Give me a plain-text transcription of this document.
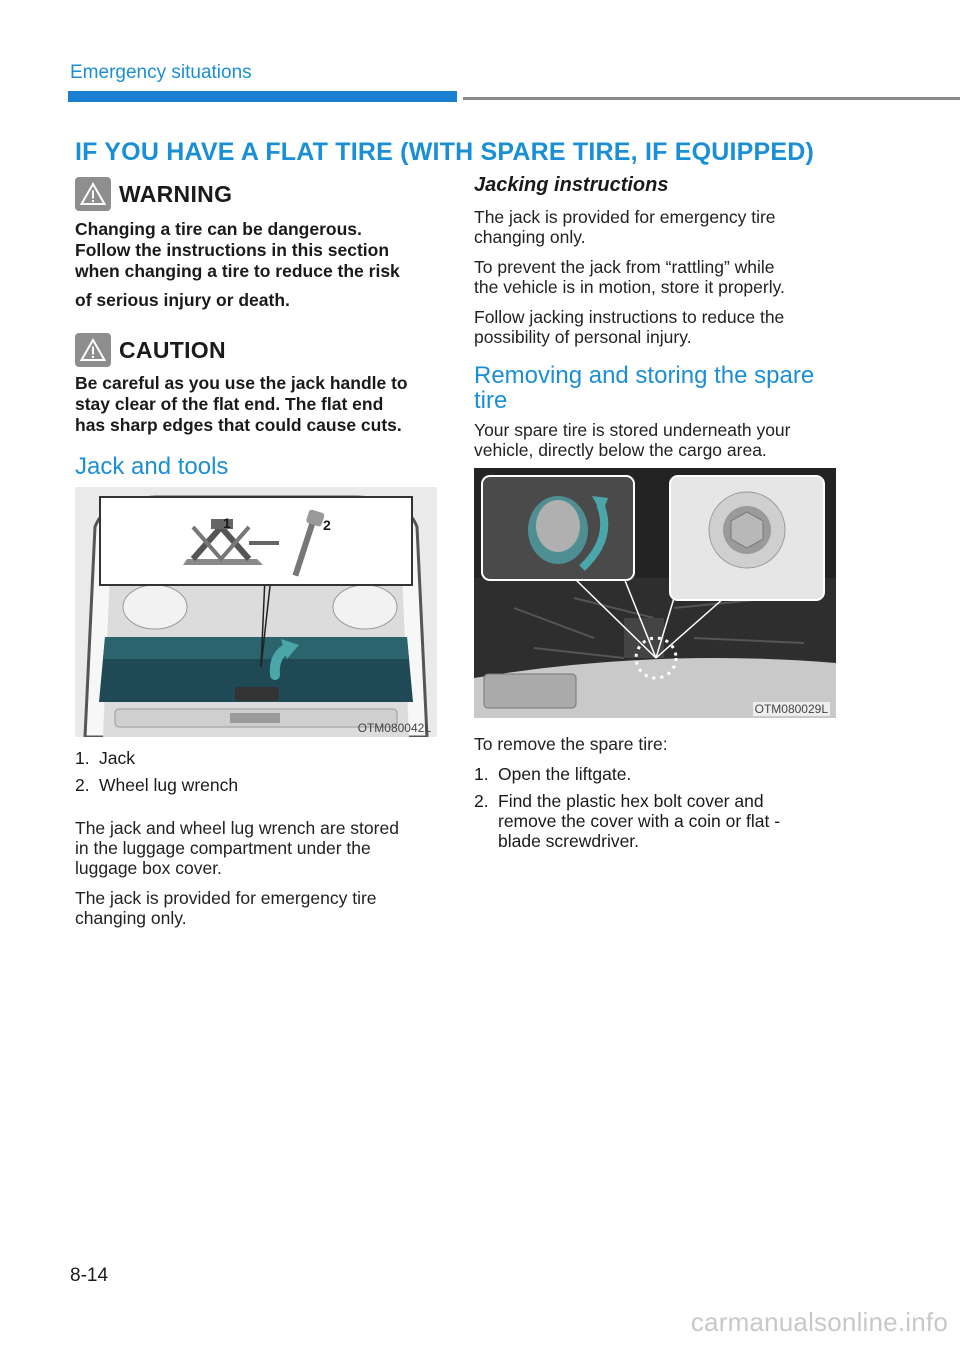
Emergency situations
IF YOU HAVE A FLAT TIRE (WITH SPARE TIRE, IF EQUIPPED)
WARNING
Changing a tire can be dangerous.
Follow the instructions in this section
when changing a tire to reduce the risk
of serious injury or death.
CAUTION
Be careful as you use the jack handle to
stay clear of the flat end. The flat end
has sharp edges that could cause cuts.
Jack and tools
1	2
OTM080042L
1. Jack
2. Wheel lug wrench
The jack and wheel lug wrench are stored
in the luggage compartment under the
luggage box cover.
The jack is provided for emergency tire
changing only.
Jacking instructions
The jack is provided for emergency tire
changing only.
To prevent the jack from “rattling” while
the vehicle is in motion, store it properly.
Follow jacking instructions to reduce the
possibility of personal injury.
Removing and storing the spare
tire
Your spare tire is stored underneath your
vehicle, directly below the cargo area.
OTM080029L
To remove the spare tire:
1. Open the liftgate.
2. Find the plastic hex bolt cover and
remove the cover with a coin or flat -
blade screwdriver.
8-14
carmanualsonline.info
